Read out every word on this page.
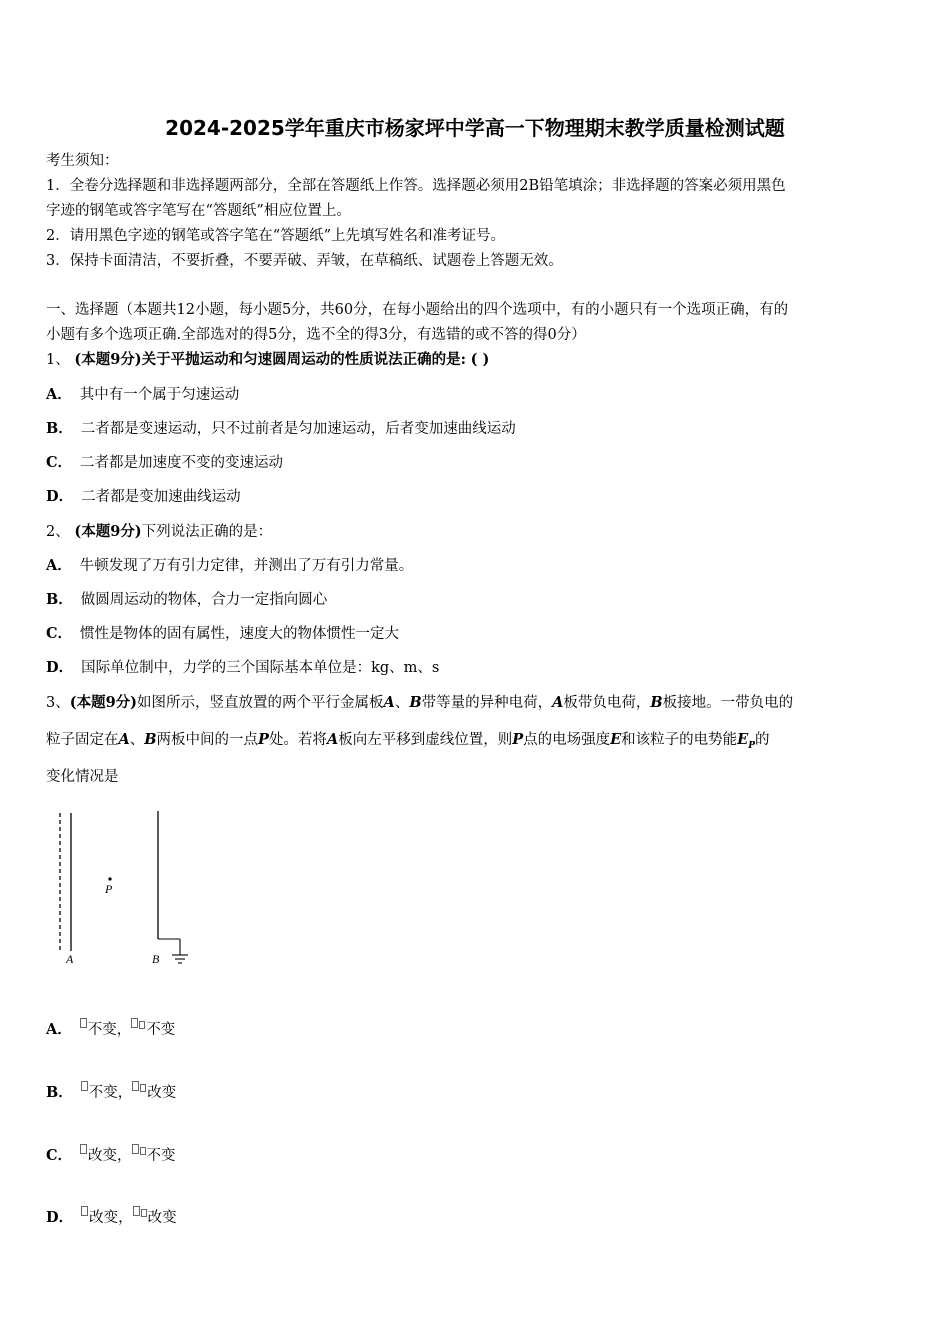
2024-2025学年重庆市杨家坪中学高一下物理期末教学质量检测试题
考生须知：
1．全卷分选择题和非选择题两部分，全部在答题纸上作答。选择题必须用2B铅笔填涂；非选择题的答案必须用黑色
字迹的钢笔或答字笔写在“答题纸”相应位置上。
2．请用黑色字迹的钢笔或答字笔在“答题纸”上先填写姓名和准考证号。
3．保持卡面清洁，不要折叠，不要弄破、弄皱，在草稿纸、试题卷上答题无效。
一、选择题（本题共12小题，每小题5分，共60分，在每小题给出的四个选项中，有的小题只有一个选项正确，有的
小题有多个选项正确.全部选对的得5分，选不全的得3分，有选错的或不答的得0分）
1、 (本题9分)关于平抛运动和匀速圆周运动的性质说法正确的是: ( )
A． 其中有一个属于匀速运动
B． 二者都是变速运动，只不过前者是匀加速运动，后者变加速曲线运动
C． 二者都是加速度不变的变速运动
D． 二者都是变加速曲线运动
2、 (本题9分)下列说法正确的是：
A． 牛顿发现了万有引力定律，并测出了万有引力常量。
B． 做圆周运动的物体，合力一定指向圆心
C． 惯性是物体的固有属性，速度大的物体惯性一定大
D． 国际单位制中，力学的三个国际基本单位是：kg、m、s
3、(本题9分)如图所示，竖直放置的两个平行金属板A、B带等量的异种电荷，A板带负电荷，B板接地。一带负电的
粒子固定在A、B两板中间的一点P处。若将A板向左平移到虚线位置，则P点的电场强度E和该粒子的电势能$E_P$的
变化情况是
P
A	B
A． 不变， 不变
B． 不变， 改变
C． 改变， 不变
D． 改变， 改变
